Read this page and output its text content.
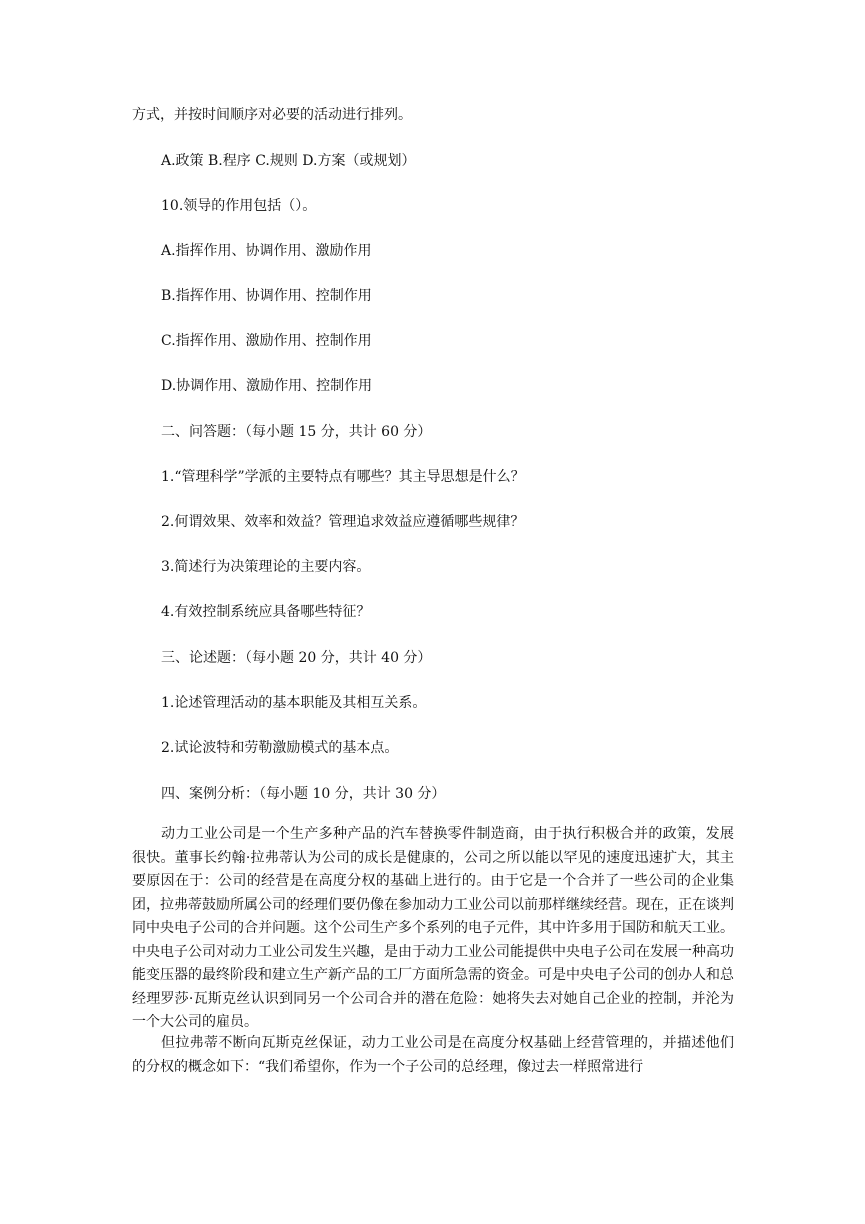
方式，并按时间顺序对必要的活动进行排列。
A.政策 B.程序 C.规则 D.方案（或规划）
10.领导的作用包括（）。
A.指挥作用、协调作用、激励作用
B.指挥作用、协调作用、控制作用
C.指挥作用、激励作用、控制作用
D.协调作用、激励作用、控制作用
二、问答题：（每小题 15 分，共计 60 分）
1.“管理科学”学派的主要特点有哪些？其主导思想是什么？
2.何谓效果、效率和效益？管理追求效益应遵循哪些规律？
3.简述行为决策理论的主要内容。
4.有效控制系统应具备哪些特征？
三、论述题：（每小题 20 分，共计 40 分）
1.论述管理活动的基本职能及其相互关系。
2.试论波特和劳勒激励模式的基本点。
四、案例分析：（每小题 10 分，共计 30 分）

动力工业公司是一个生产多种产品的汽车替换零件制造商，由于执行积极合并的政策，发展很快。董事长约翰·拉弗蒂认为公司的成长是健康的，公司之所以能以罕见的速度迅速扩大，其主要原因在于：公司的经营是在高度分权的基础上进行的。由于它是一个合并了一些公司的企业集团，拉弗蒂鼓励所属公司的经理们要仍像在参加动力工业公司以前那样继续经营。现在，正在谈判同中央电子公司的合并问题。这个公司生产多个系列的电子元件，其中许多用于国防和航天工业。中央电子公司对动力工业公司发生兴趣，是由于动力工业公司能提供中央电子公司在发展一种高功能变压器的最终阶段和建立生产新产品的工厂方面所急需的资金。可是中央电子公司的创办人和总经理罗莎·瓦斯克丝认识到同另一个公司合并的潜在危险：她将失去对她自己企业的控制，并沦为一个大公司的雇员。

但拉弗蒂不断向瓦斯克丝保证，动力工业公司是在高度分权基础上经营管理的，并描述他们的分权的概念如下：“我们希望你，作为一个子公司的总经理，像过去一样照常进行
